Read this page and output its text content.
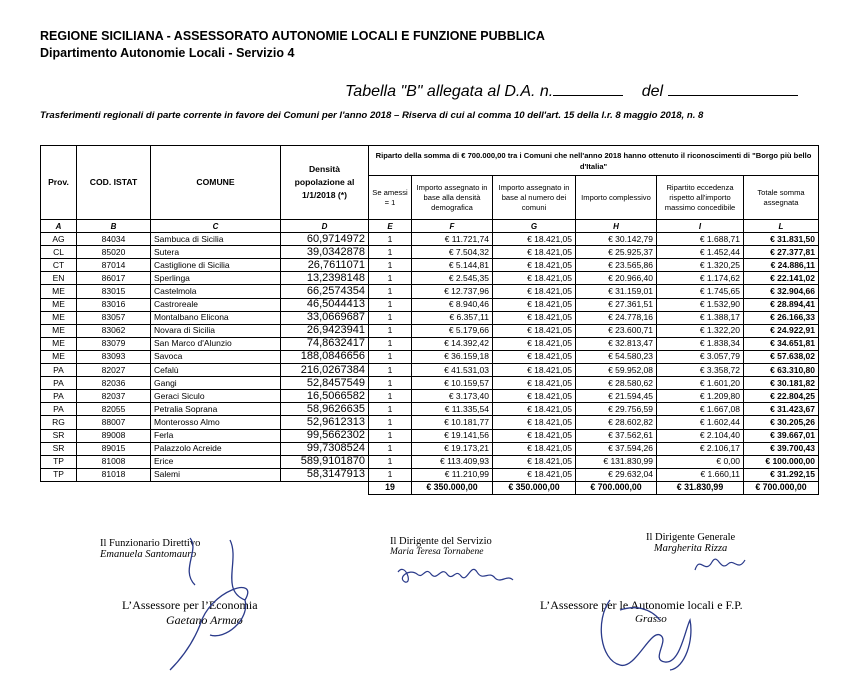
REGIONE SICILIANA - ASSESSORATO AUTONOMIE LOCALI E FUNZIONE PUBBLICA
Dipartimento Autonomie Locali - Servizio 4
Tabella "B" allegata al D.A. n.	del
Trasferimenti regionali di parte corrente in favore dei Comuni per l'anno 2018 – Riserva di cui al comma 10 dell'art. 15 della l.r. 8 maggio 2018, n. 8
Prov.	COD. ISTAT	COMUNE	Densità popolazione al 1/1/2018 (*)	Riparto della somma di € 700.000,00 tra i Comuni che nell'anno 2018 hanno ottenuto il riconoscimenti di "Borgo più bello d'Italia"					
				Se amessi = 1	Importo assegnato in base alla densità demografica	Importo assegnato in base al numero dei comuni	Importo complessivo	Ripartito eccedenza rispetto all'importo massimo concedibile	Totale somma assegnata
A	B	C	D	E	F	G	H	I	L
AG	84034	Sambuca di Sicilia	60,9714972	1	€ 11.721,74	€ 18.421,05	€ 30.142,79	€ 1.688,71	€ 31.831,50
CL	85020	Sutera	39,0342878	1	€ 7.504,32	€ 18.421,05	€ 25.925,37	€ 1.452,44	€ 27.377,81
CT	87014	Castiglione di Sicilia	26,7611071	1	€ 5.144,81	€ 18.421,05	€ 23.565,86	€ 1.320,25	€ 24.886,11
EN	86017	Sperlinga	13,2398148	1	€ 2.545,35	€ 18.421,05	€ 20.966,40	€ 1.174,62	€ 22.141,02
ME	83015	Castelmola	66,2574354	1	€ 12.737,96	€ 18.421,05	€ 31.159,01	€ 1.745,65	€ 32.904,66
ME	83016	Castroreale	46,5044413	1	€ 8.940,46	€ 18.421,05	€ 27.361,51	€ 1.532,90	€ 28.894,41
ME	83057	Montalbano Elicona	33,0669687	1	€ 6.357,11	€ 18.421,05	€ 24.778,16	€ 1.388,17	€ 26.166,33
ME	83062	Novara di Sicilia	26,9423941	1	€ 5.179,66	€ 18.421,05	€ 23.600,71	€ 1.322,20	€ 24.922,91
ME	83079	San Marco d'Alunzio	74,8632417	1	€ 14.392,42	€ 18.421,05	€ 32.813,47	€ 1.838,34	€ 34.651,81
ME	83093	Savoca	188,0846656	1	€ 36.159,18	€ 18.421,05	€ 54.580,23	€ 3.057,79	€ 57.638,02
PA	82027	Cefalù	216,0267384	1	€ 41.531,03	€ 18.421,05	€ 59.952,08	€ 3.358,72	€ 63.310,80
PA	82036	Gangi	52,8457549	1	€ 10.159,57	€ 18.421,05	€ 28.580,62	€ 1.601,20	€ 30.181,82
PA	82037	Geraci Siculo	16,5066582	1	€ 3.173,40	€ 18.421,05	€ 21.594,45	€ 1.209,80	€ 22.804,25
PA	82055	Petralia Soprana	58,9626635	1	€ 11.335,54	€ 18.421,05	€ 29.756,59	€ 1.667,08	€ 31.423,67
RG	88007	Monterosso Almo	52,9612313	1	€ 10.181,77	€ 18.421,05	€ 28.602,82	€ 1.602,44	€ 30.205,26
SR	89008	Ferla	99,5662302	1	€ 19.141,56	€ 18.421,05	€ 37.562,61	€ 2.104,40	€ 39.667,01
SR	89015	Palazzolo Acreide	99,7308524	1	€ 19.173,21	€ 18.421,05	€ 37.594,26	€ 2.106,17	€ 39.700,43
TP	81008	Erice	589,9101870	1	€ 113.409,93	€ 18.421,05	€ 131.830,99	€ 0,00	€ 100.000,00
TP	81018	Salemi	58,3147913	1	€ 11.210,99	€ 18.421,05	€ 29.632,04	€ 1.660,11	€ 31.292,15
				19	€ 350.000,00	€ 350.000,00	€ 700.000,00	€ 31.830,99	€ 700.000,00
Il Funzionario Direttivo
Emanuela Santomauro
Il Dirigente del Servizio
Maria Teresa Tornabene
Il Dirigente Generale
Margherita Rizza
L’Assessore per l’Economia
Gaetano Armao
L’Assessore per le Autonomie locali e F.P.
Grasso
